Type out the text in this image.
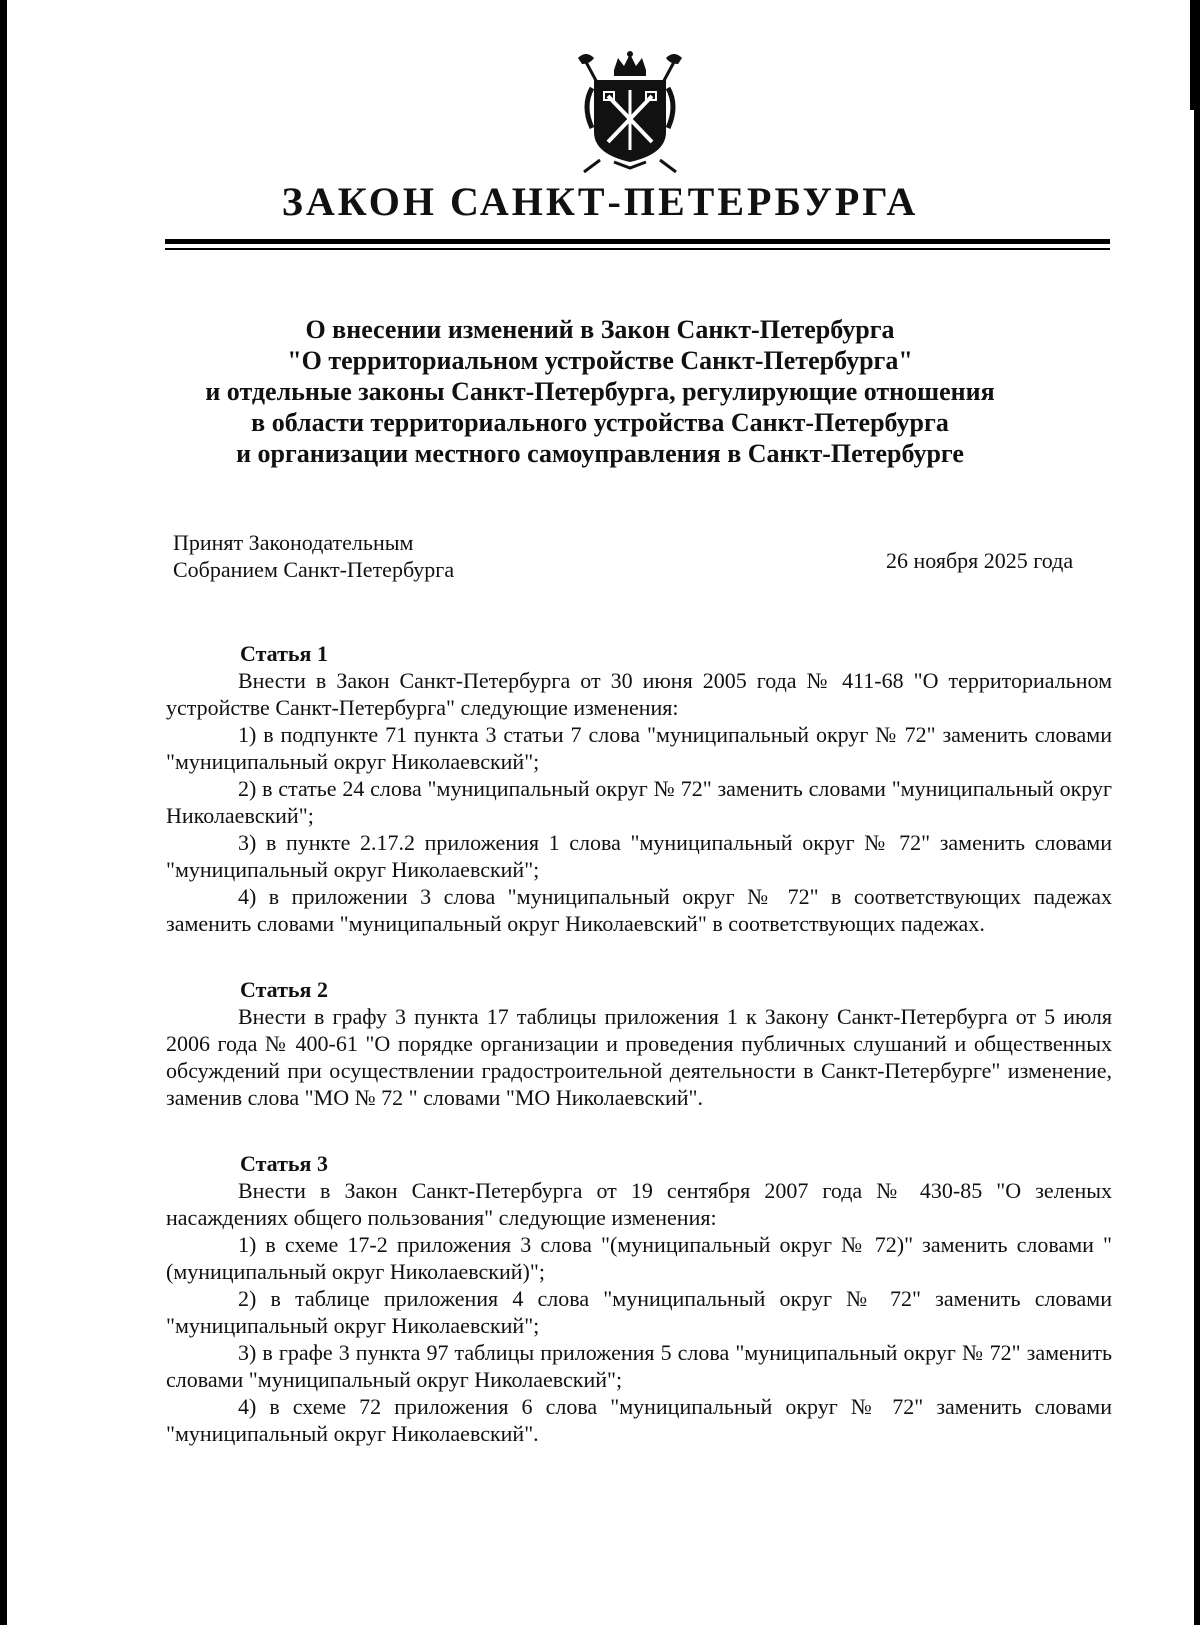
ЗАКОН САНКТ-ПЕТЕРБУРГА
О внесении изменений в Закон Санкт-Петербурга
"О территориальном устройстве Санкт-Петербурга"
и отдельные законы Санкт-Петербурга, регулирующие отношения
в области территориального устройства Санкт-Петербурга
и организации местного самоуправления в Санкт-Петербурге
Принят Законодательным
Собранием Санкт-Петербурга	26 ноября 2025 года

Статья 1

Внести в Закон Санкт-Петербурга от 30 июня 2005 года № 411-68 "О территориальном устройстве Санкт-Петербурга" следующие изменения:

1) в подпункте 71 пункта 3 статьи 7 слова "муниципальный округ № 72" заменить словами "муниципальный округ Николаевский";

2) в статье 24 слова "муниципальный округ № 72" заменить словами "муниципальный округ Николаевский";

3) в пункте 2.17.2 приложения 1 слова "муниципальный округ № 72" заменить словами "муниципальный округ Николаевский";

4) в приложении 3 слова "муниципальный округ № 72" в соответствующих падежах заменить словами "муниципальный округ Николаевский" в соответствующих падежах.

Статья 2

Внести в графу 3 пункта 17 таблицы приложения 1 к Закону Санкт-Петербурга от 5 июля 2006 года № 400-61 "О порядке организации и проведения публичных слушаний и общественных обсуждений при осуществлении градостроительной деятельности в Санкт-Петербурге" изменение, заменив слова "МО № 72 " словами "МО Николаевский".

Статья 3

Внести в Закон Санкт-Петербурга от 19 сентября 2007 года № 430-85 "О зеленых насаждениях общего пользования" следующие изменения:

1) в схеме 17-2 приложения 3 слова "(муниципальный округ № 72)" заменить словами "(муниципальный округ Николаевский)";

2) в таблице приложения 4 слова "муниципальный округ № 72" заменить словами "муниципальный округ Николаевский";

3) в графе 3 пункта 97 таблицы приложения 5 слова "муниципальный округ № 72" заменить словами "муниципальный округ Николаевский";

4) в схеме 72 приложения 6 слова "муниципальный округ № 72" заменить словами "муниципальный округ Николаевский".
